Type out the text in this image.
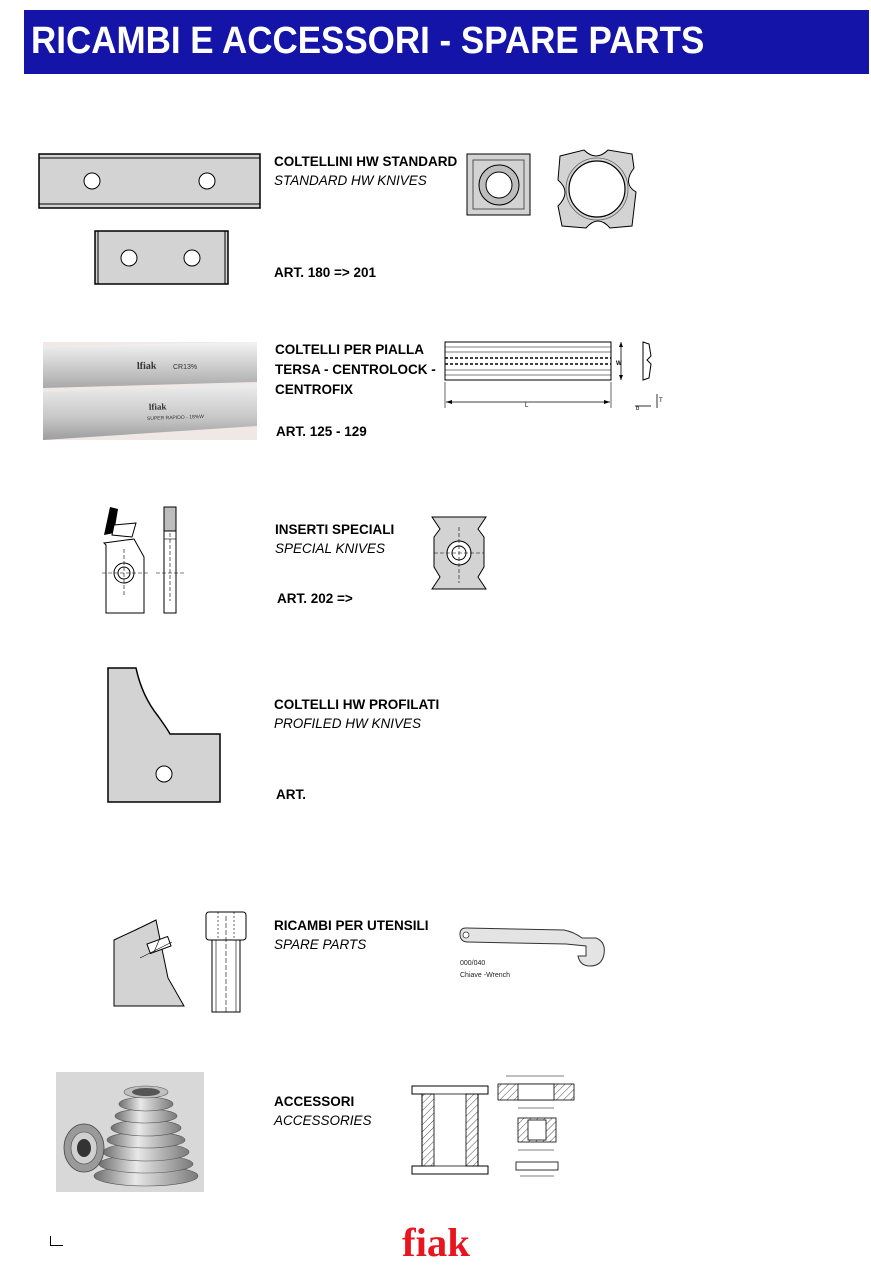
RICAMBI E ACCESSORI - SPARE PARTS
COLTELLINI HW STANDARD
STANDARD HW KNIVES
ART. 180 => 201
lfiak CR13%
lfiak
SUPER RAPIDO - 18%W
COLTELLI PER PIALLA
TERSA - CENTROLOCK -
CENTROFIX
ART. 125 - 129
L
W
b
T
INSERTI SPECIALI
SPECIAL KNIVES
ART. 202 =>
COLTELLI HW PROFILATI
PROFILED HW KNIVES
ART.
RICAMBI PER UTENSILI
SPARE PARTS
000/040
Chiave -Wrench
ACCESSORI
ACCESSORIES
fiak
